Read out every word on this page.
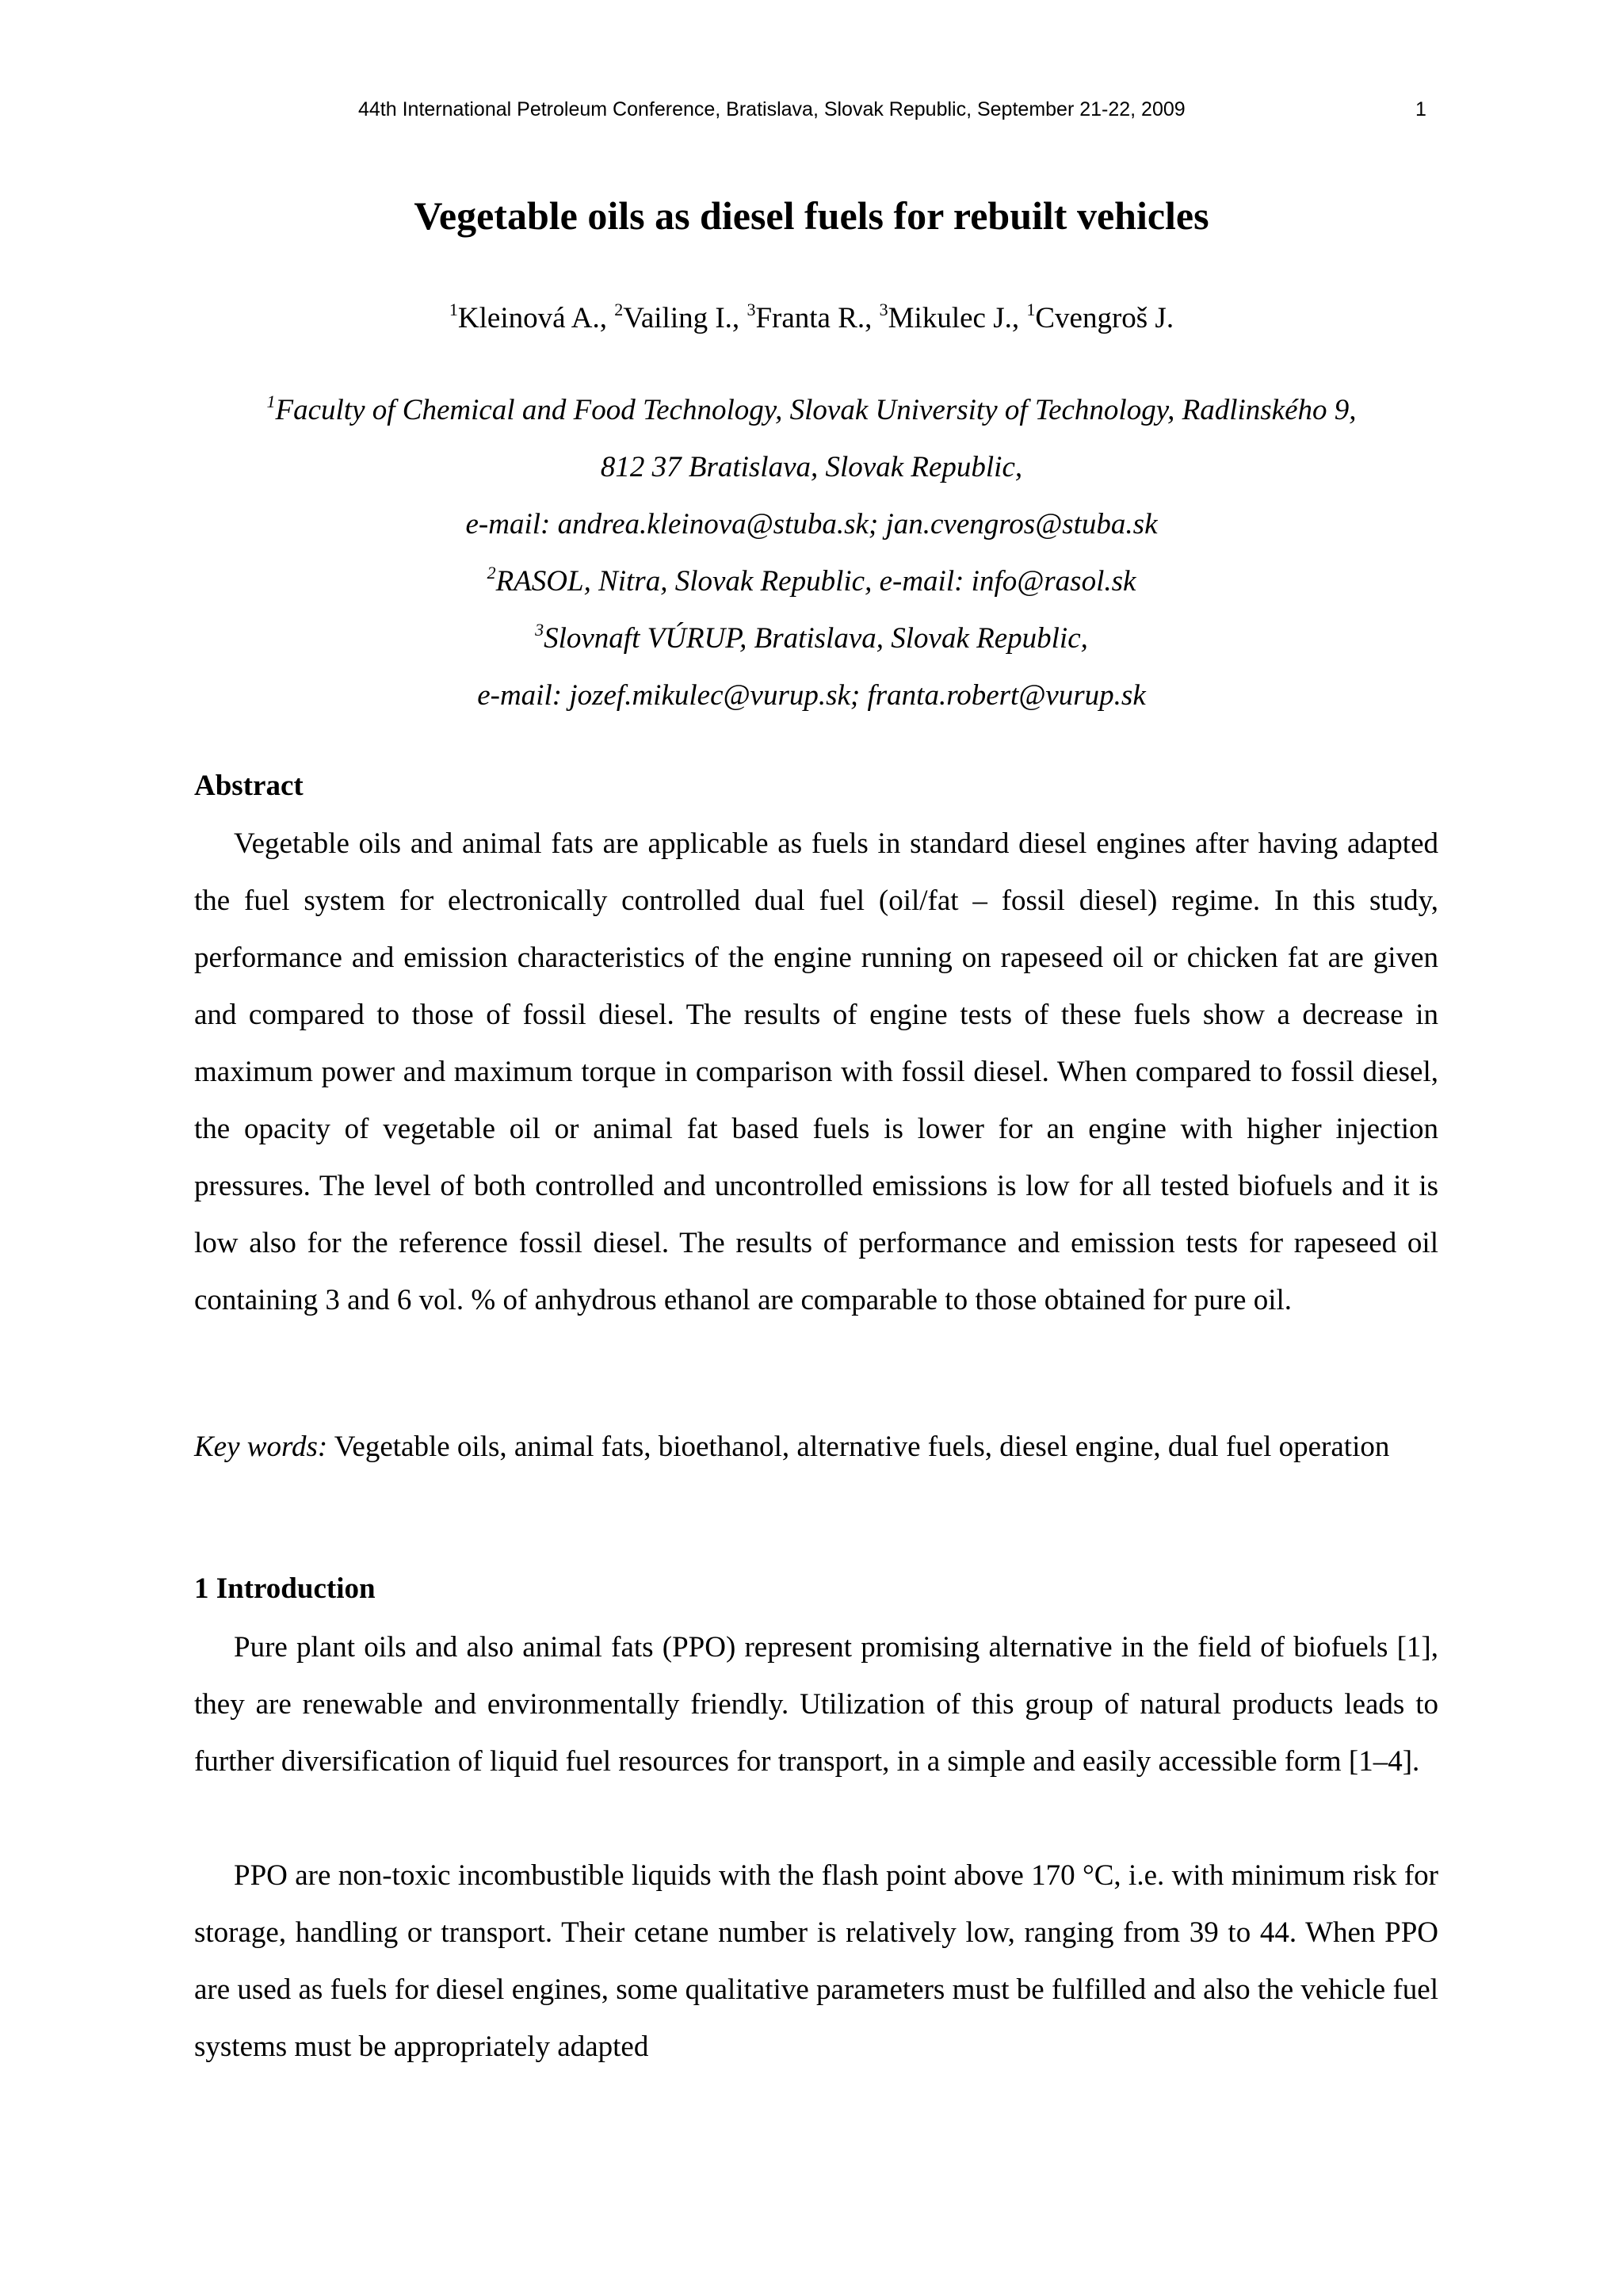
44th International Petroleum Conference, Bratislava, Slovak Republic, September 21-22, 2009	1
Vegetable oils as diesel fuels for rebuilt vehicles
$^1$Kleinová A., $^2$Vailing I., $^3$Franta R., $^3$Mikulec J., $^1$Cvengroš J.
$^1$Faculty of Chemical and Food Technology, Slovak University of Technology, Radlinského 9,
812 37 Bratislava, Slovak Republic,
e-mail: andrea.kleinova@stuba.sk; jan.cvengros@stuba.sk
$^2$RASOL, Nitra, Slovak Republic, e-mail: info@rasol.sk
$^3$Slovnaft VÚRUP, Bratislava, Slovak Republic,
e-mail: jozef.mikulec@vurup.sk; franta.robert@vurup.sk
Abstract

Vegetable oils and animal fats are applicable as fuels in standard diesel engines after having adapted the fuel system for electronically controlled dual fuel (oil/fat – fossil diesel) regime. In this study, performance and emission characteristics of the engine running on rapeseed oil or chicken fat are given and compared to those of fossil diesel. The results of engine tests of these fuels show a decrease in maximum power and maximum torque in comparison with fossil diesel. When compared to fossil diesel, the opacity of vegetable oil or animal fat based fuels is lower for an engine with higher injection pressures. The level of both controlled and uncontrolled emissions is low for all tested biofuels and it is low also for the reference fossil diesel. The results of performance and emission tests for rapeseed oil containing 3 and 6 vol. % of anhydrous ethanol are comparable to those obtained for pure oil.

Key words: Vegetable oils, animal fats, bioethanol, alternative fuels, diesel engine, dual fuel operation
1 Introduction

Pure plant oils and also animal fats (PPO) represent promising alternative in the field of biofuels [1], they are renewable and environmentally friendly. Utilization of this group of natural products leads to further diversification of liquid fuel resources for transport, in a simple and easily accessible form [1–4].

PPO are non-toxic incombustible liquids with the flash point above 170 °C, i.e. with minimum risk for storage, handling or transport. Their cetane number is relatively low, ranging from 39 to 44. When PPO are used as fuels for diesel engines, some qualitative parameters must be fulfilled and also the vehicle fuel systems must be appropriately adapted
